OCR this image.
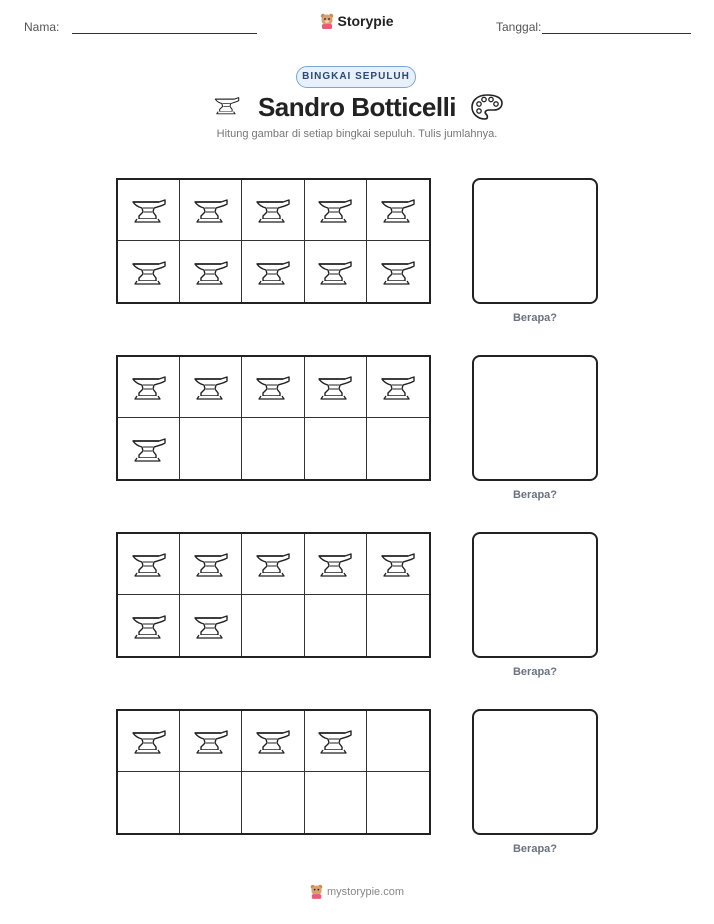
Nama:	Tanggal:
Storypie
BINGKAI SEPULUH
Sandro Botticelli
Hitung gambar di setiap bingkai sepuluh. Tulis jumlahnya.
Berapa?
Berapa?
Berapa?
Berapa?
mystorypie.com
